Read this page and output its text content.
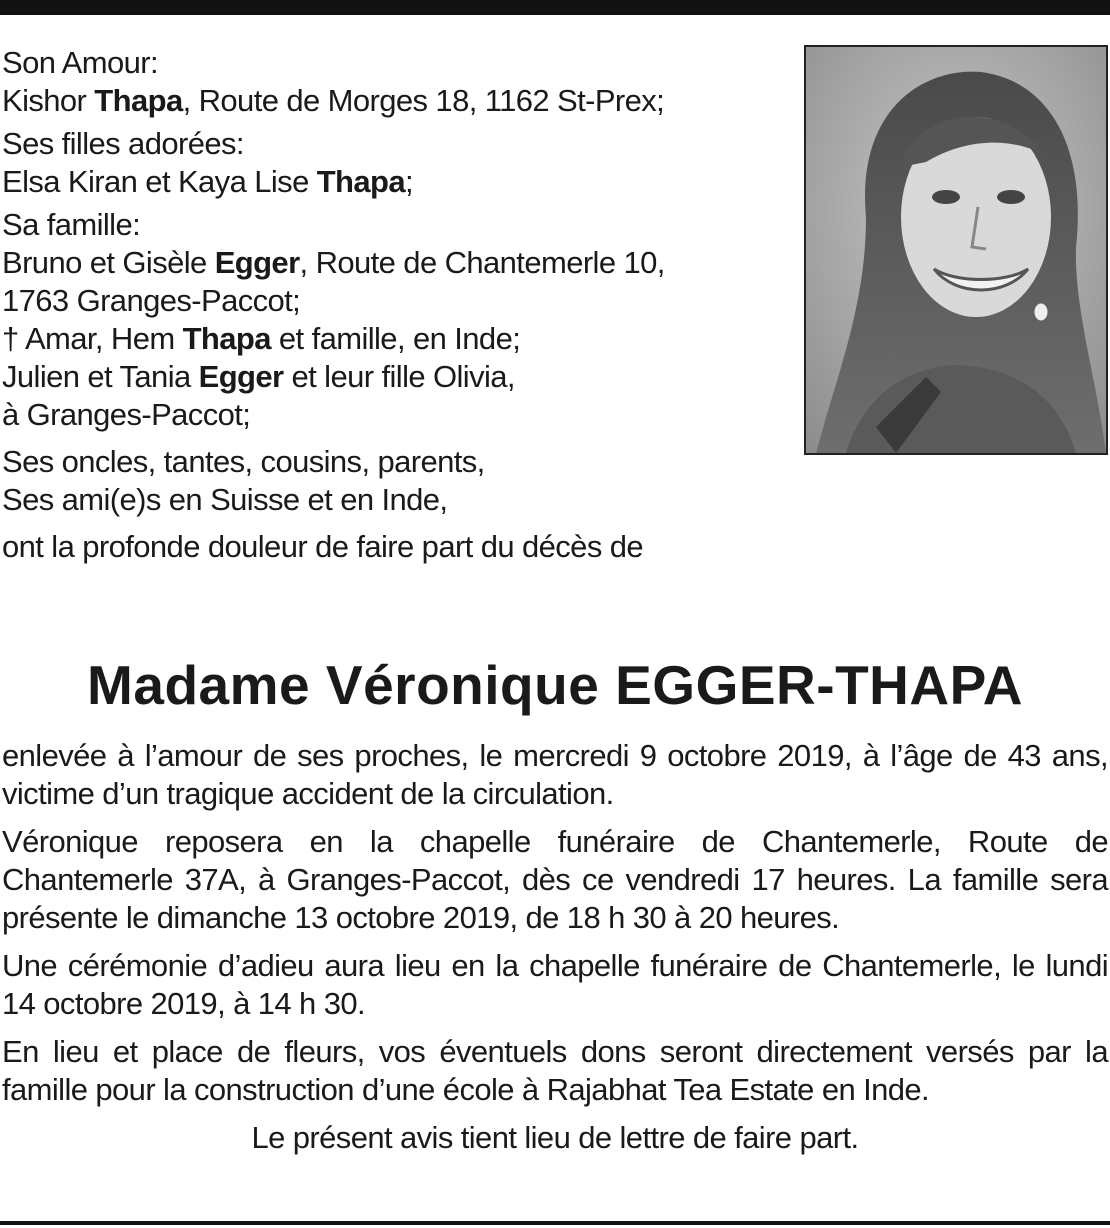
Son Amour:
Kishor Thapa, Route de Morges 18, 1162 St-Prex;

Ses filles adorées:
Elsa Kiran et Kaya Lise Thapa;

Sa famille:
Bruno et Gisèle Egger, Route de Chantemerle 10,
1763 Granges-Paccot;
† Amar, Hem Thapa et famille, en Inde;
Julien et Tania Egger et leur fille Olivia,
à Granges-Paccot;

Ses oncles, tantes, cousins, parents,
Ses ami(e)s en Suisse et en Inde,

ont la profonde douleur de faire part du décès de

Madame Véronique EGGER-THAPA

enlevée à l’amour de ses proches, le mercredi 9 octobre 2019, à l’âge de 43 ans, victime d’un tragique accident de la circulation.

Véronique reposera en la chapelle funéraire de Chantemerle, Route de Chantemerle 37A, à Granges-Paccot, dès ce vendredi 17 heures. La famille sera présente le dimanche 13 octobre 2019, de 18 h 30 à 20 heures.

Une cérémonie d’adieu aura lieu en la chapelle funéraire de Chantemerle, le lundi 14 octobre 2019, à 14 h 30.

En lieu et place de fleurs, vos éventuels dons seront directement versés par la famille pour la construction d’une école à Rajabhat Tea Estate en Inde.

Le présent avis tient lieu de lettre de faire part.
